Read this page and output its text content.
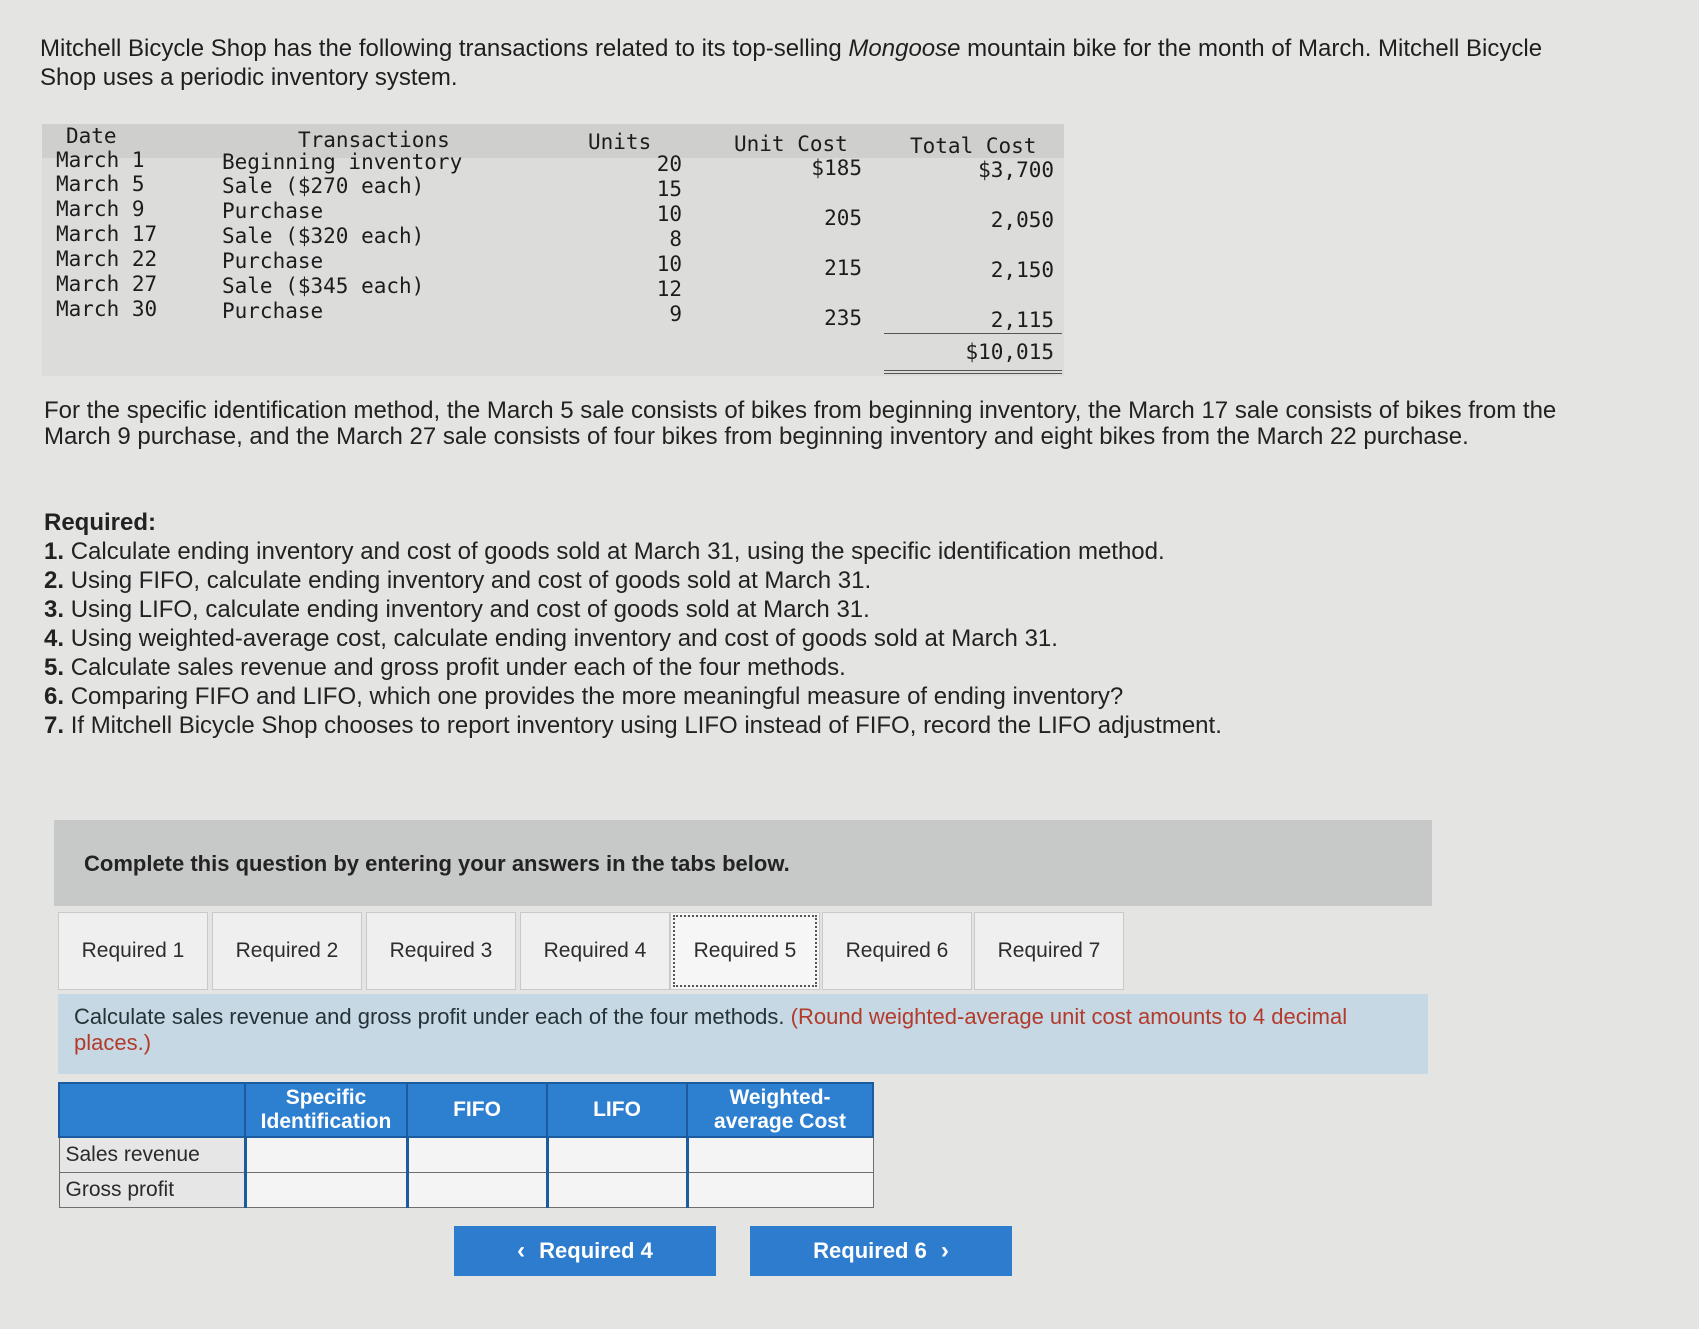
Mitchell Bicycle Shop has the following transactions related to its top-selling Mongoose mountain bike for the month of March. Mitchell Bicycle Shop uses a periodic inventory system.
Date	Transactions	Units	Unit Cost	Total Cost
March 1	Beginning inventory	20	$185	$3,700
March 5	Sale ($270 each)	15
March 9	Purchase	10	205	2,050
March 17	Sale ($320 each)	8
March 22	Purchase	10	215	2,150
March 27	Sale ($345 each)	12
March 30	Purchase	9	235	2,115
$10,015
For the specific identification method, the March 5 sale consists of bikes from beginning inventory, the March 17 sale consists of bikes from the March 9 purchase, and the March 27 sale consists of four bikes from beginning inventory and eight bikes from the March 22 purchase.
Required:
1. Calculate ending inventory and cost of goods sold at March 31, using the specific identification method.
2. Using FIFO, calculate ending inventory and cost of goods sold at March 31.
3. Using LIFO, calculate ending inventory and cost of goods sold at March 31.
4. Using weighted-average cost, calculate ending inventory and cost of goods sold at March 31.
5. Calculate sales revenue and gross profit under each of the four methods.
6. Comparing FIFO and LIFO, which one provides the more meaningful measure of ending inventory?
7. If Mitchell Bicycle Shop chooses to report inventory using LIFO instead of FIFO, record the LIFO adjustment.
Complete this question by entering your answers in the tabs below.
Required 1	Required 2	Required 3	Required 4	Required 5	Required 6	Required 7
Calculate sales revenue and gross profit under each of the four methods. (Round weighted-average unit cost amounts to 4 decimal places.)
	Specific Identification	FIFO	LIFO	Weighted-average Cost
Sales revenue				
Gross profit				
‹ Required 4	Required 6 ›
